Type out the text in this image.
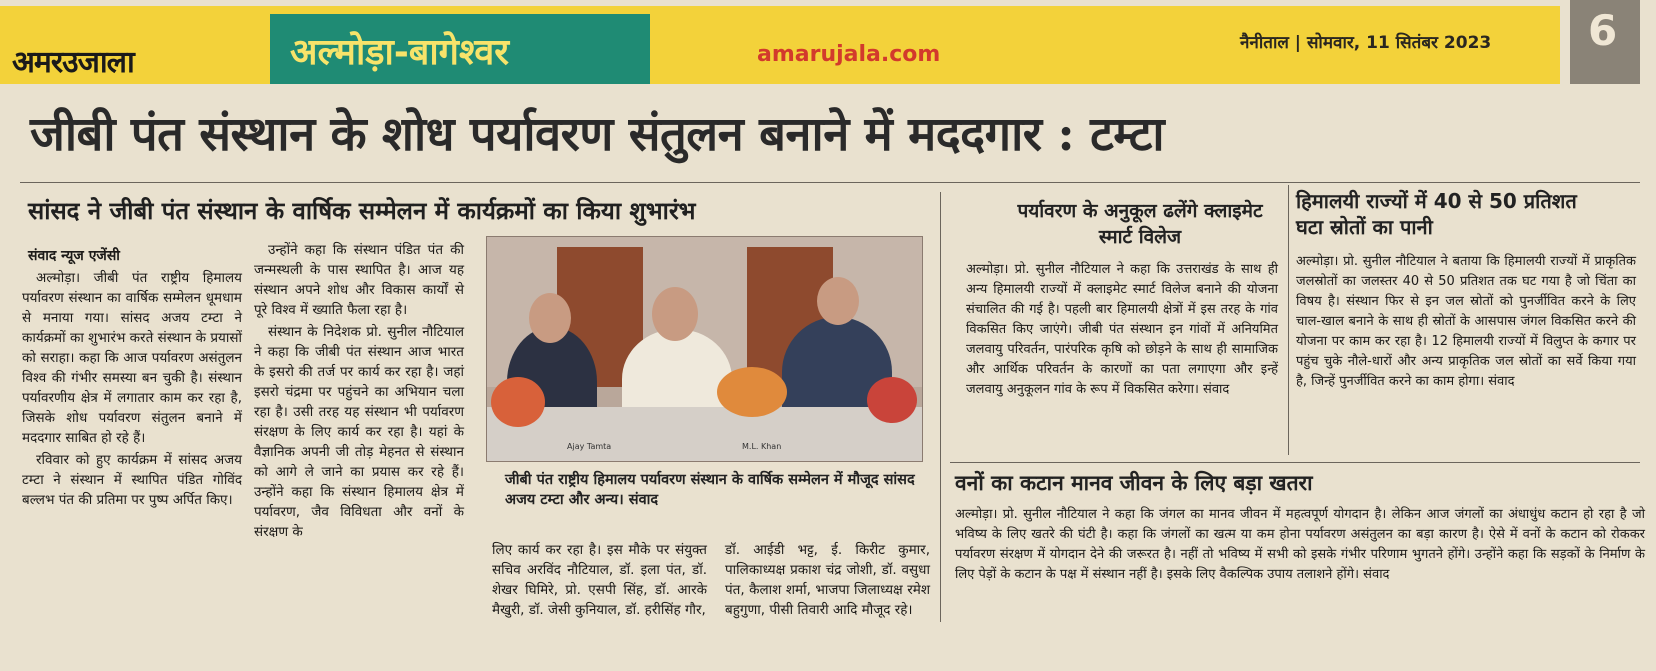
अमरउजाला	अल्मोड़ा-बागेश्वर	amarujala.com	नैनीताल | सोमवार, 11 सितंबर 2023 6
जीबी पंत संस्थान के शोध पर्यावरण संतुलन बनाने में मददगार : टम्टा
सांसद ने जीबी पंत संस्थान के वार्षिक सम्मेलन में कार्यक्रमों का किया शुभारंभ
संवाद न्यूज एजेंसी

अल्मोड़ा। जीबी पंत राष्ट्रीय हिमालय पर्यावरण संस्थान का वार्षिक सम्मेलन धूमधाम से मनाया गया। सांसद अजय टम्टा ने कार्यक्रमों का शुभारंभ करते संस्थान के प्रयासों को सराहा। कहा कि आज पर्यावरण असंतुलन विश्व की गंभीर समस्या बन चुकी है। संस्थान पर्यावरणीय क्षेत्र में लगातार काम कर रहा है, जिसके शोध पर्यावरण संतुलन बनाने में मददगार साबित हो रहे हैं।

रविवार को हुए कार्यक्रम में सांसद अजय टम्टा ने संस्थान में स्थापित पंडित गोविंद बल्लभ पंत की प्रतिमा पर पुष्प अर्पित किए।

उन्होंने कहा कि संस्थान पंडित पंत की जन्मस्थली के पास स्थापित है। आज यह संस्थान अपने शोध और विकास कार्यों से पूरे विश्व में ख्याति फैला रहा है।

संस्थान के निदेशक प्रो. सुनील नौटियाल ने कहा कि जीबी पंत संस्थान आज भारत के इसरो की तर्ज पर कार्य कर रहा है। जहां इसरो चंद्रमा पर पहुंचने का अभियान चला रहा है। उसी तरह यह संस्थान भी पर्यावरण संरक्षण के लिए कार्य कर रहा है। यहां के वैज्ञानिक अपनी जी तोड़ मेहनत से संस्थान को आगे ले जाने का प्रयास कर रहे हैं। उन्होंने कहा कि संस्थान हिमालय क्षेत्र में पर्यावरण, जैव विविधता और वनों के संरक्षण के

Ajay Tamta	M.L. Khan
जीबी पंत राष्ट्रीय हिमालय पर्यावरण संस्थान के वार्षिक सम्मेलन में मौजूद सांसद अजय टम्टा और अन्य। संवाद

लिए कार्य कर रहा है। इस मौके पर संयुक्त सचिव अरविंद नौटियाल, डॉ. इला पंत, डॉ. शेखर घिमिरे, प्रो. एसपी सिंह, डॉ. आरके मैखुरी, डॉ. जेसी कुनियाल, डॉ. हरीसिंह गौर,

डॉ. आईडी भट्ट, ई. किरीट कुमार, पालिकाध्यक्ष प्रकाश चंद्र जोशी, डॉ. वसुधा पंत, कैलाश शर्मा, भाजपा जिलाध्यक्ष रमेश बहुगुणा, पीसी तिवारी आदि मौजूद रहे।

पर्यावरण के अनुकूल ढलेंगे क्लाइमेट स्मार्ट विलेज

अल्मोड़ा। प्रो. सुनील नौटियाल ने कहा कि उत्तराखंड के साथ ही अन्य हिमालयी राज्यों में क्लाइमेट स्मार्ट विलेज बनाने की योजना संचालित की गई है। पहली बार हिमालयी क्षेत्रों में इस तरह के गांव विकसित किए जाएंगे। जीबी पंत संस्थान इन गांवों में अनियमित जलवायु परिवर्तन, पारंपरिक कृषि को छोड़ने के साथ ही सामाजिक और आर्थिक परिवर्तन के कारणों का पता लगाएगा और इन्हें जलवायु अनुकूलन गांव के रूप में विकसित करेगा। संवाद

हिमालयी राज्यों में 40 से 50 प्रतिशत घटा स्रोतों का पानी

अल्मोड़ा। प्रो. सुनील नौटियाल ने बताया कि हिमालयी राज्यों में प्राकृतिक जलस्रोतों का जलस्तर 40 से 50 प्रतिशत तक घट गया है जो चिंता का विषय है। संस्थान फिर से इन जल स्रोतों को पुनर्जीवित करने के लिए चाल-खाल बनाने के साथ ही स्रोतों के आसपास जंगल विकसित करने की योजना पर काम कर रहा है। 12 हिमालयी राज्यों में विलुप्त के कगार पर पहुंच चुके नौले-धारों और अन्य प्राकृतिक जल स्रोतों का सर्वे किया गया है, जिन्हें पुनर्जीवित करने का काम होगा। संवाद

वनों का कटान मानव जीवन के लिए बड़ा खतरा

अल्मोड़ा। प्रो. सुनील नौटियाल ने कहा कि जंगल का मानव जीवन में महत्वपूर्ण योगदान है। लेकिन आज जंगलों का अंधाधुंध कटान हो रहा है जो भविष्य के लिए खतरे की घंटी है। कहा कि जंगलों का खत्म या कम होना पर्यावरण असंतुलन का बड़ा कारण है। ऐसे में वनों के कटान को रोककर पर्यावरण संरक्षण में योगदान देने की जरूरत है। नहीं तो भविष्य में सभी को इसके गंभीर परिणाम भुगतने होंगे। उन्होंने कहा कि सड़कों के निर्माण के लिए पेड़ों के कटान के पक्ष में संस्थान नहीं है। इसके लिए वैकल्पिक उपाय तलाशने होंगे। संवाद
